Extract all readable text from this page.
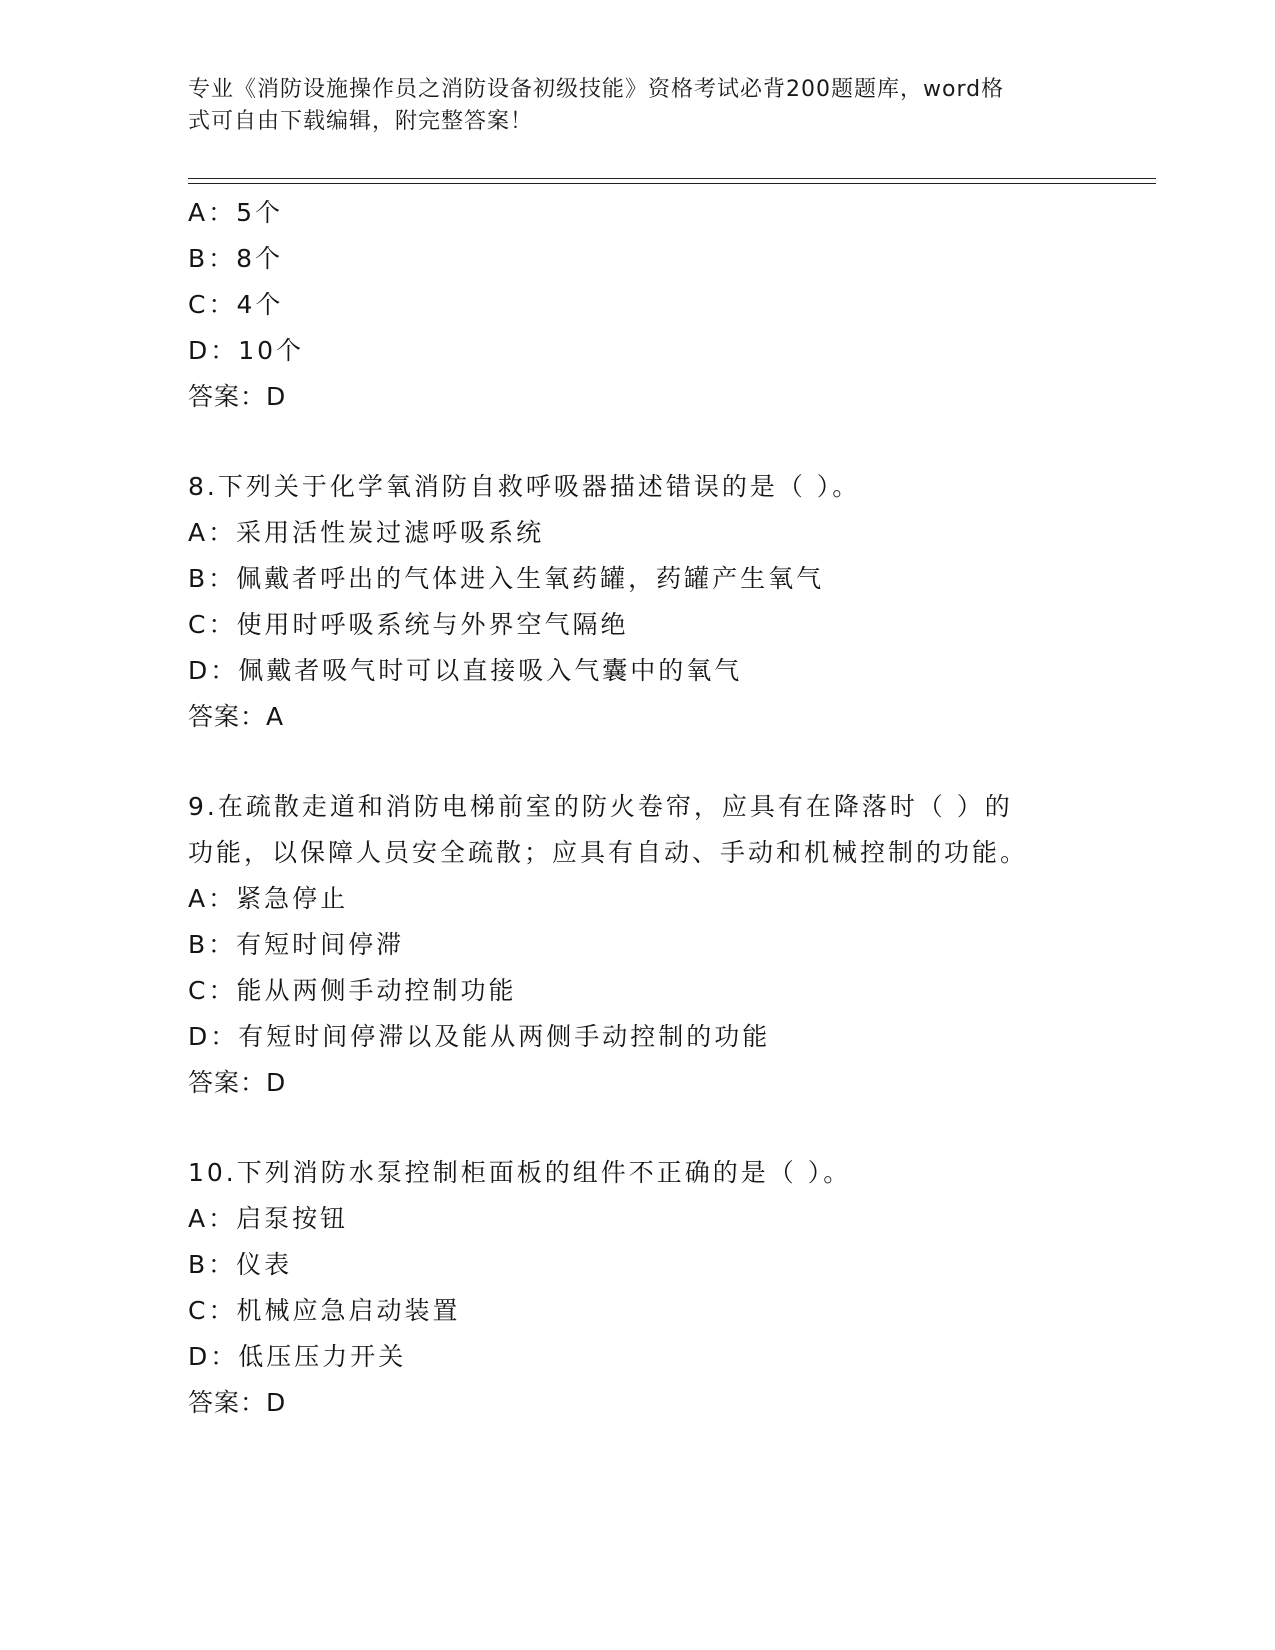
专业《消防设施操作员之消防设备初级技能》资格考试必背200题题库，word格
式可自由下载编辑，附完整答案！
A：5个
B：8个
C：4个
D：10个
答案：D
8.下列关于化学氧消防自救呼吸器描述错误的是（ ）。
A：采用活性炭过滤呼吸系统
B：佩戴者呼出的气体进入生氧药罐，药罐产生氧气
C：使用时呼吸系统与外界空气隔绝
D：佩戴者吸气时可以直接吸入气囊中的氧气
答案：A
9.在疏散走道和消防电梯前室的防火卷帘，应具有在降落时（ ）的
功能，以保障人员安全疏散；应具有自动、手动和机械控制的功能。
A：紧急停止
B：有短时间停滞
C：能从两侧手动控制功能
D：有短时间停滞以及能从两侧手动控制的功能
答案：D
10.下列消防水泵控制柜面板的组件不正确的是（ ）。
A：启泵按钮
B：仪表
C：机械应急启动装置
D：低压压力开关
答案：D
